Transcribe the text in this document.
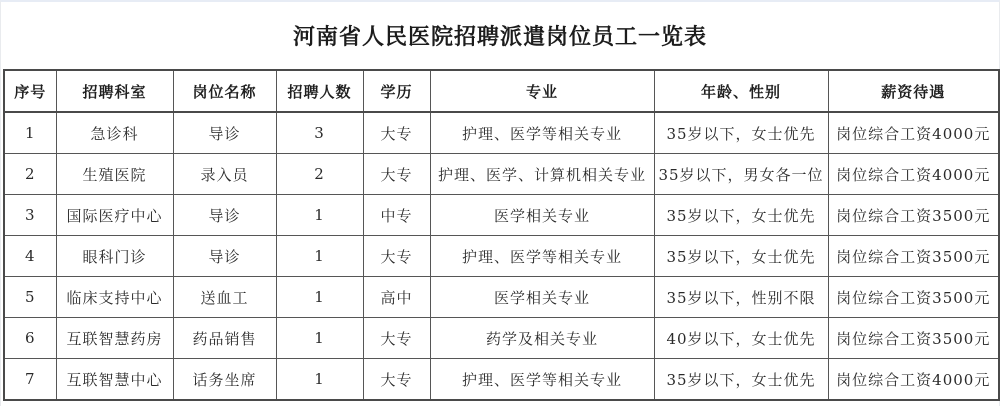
河南省人民医院招聘派遣岗位员工一览表
序号	招聘科室	岗位名称	招聘人数	学历	专业	年龄、性别	薪资待遇
1	急诊科	导诊	3	大专	护理、医学等相关专业	35岁以下，女士优先	岗位综合工资4000元
2	生殖医院	录入员	2	大专	护理、医学、计算机相关专业	35岁以下，男女各一位	岗位综合工资4000元
3	国际医疗中心	导诊	1	中专	医学相关专业	35岁以下，女士优先	岗位综合工资3500元
4	眼科门诊	导诊	1	大专	护理、医学等相关专业	35岁以下，女士优先	岗位综合工资3500元
5	临床支持中心	送血工	1	高中	医学相关专业	35岁以下，性别不限	岗位综合工资3500元
6	互联智慧药房	药品销售	1	大专	药学及相关专业	40岁以下，女士优先	岗位综合工资3500元
7	互联智慧中心	话务坐席	1	大专	护理、医学等相关专业	35岁以下，女士优先	岗位综合工资4000元
